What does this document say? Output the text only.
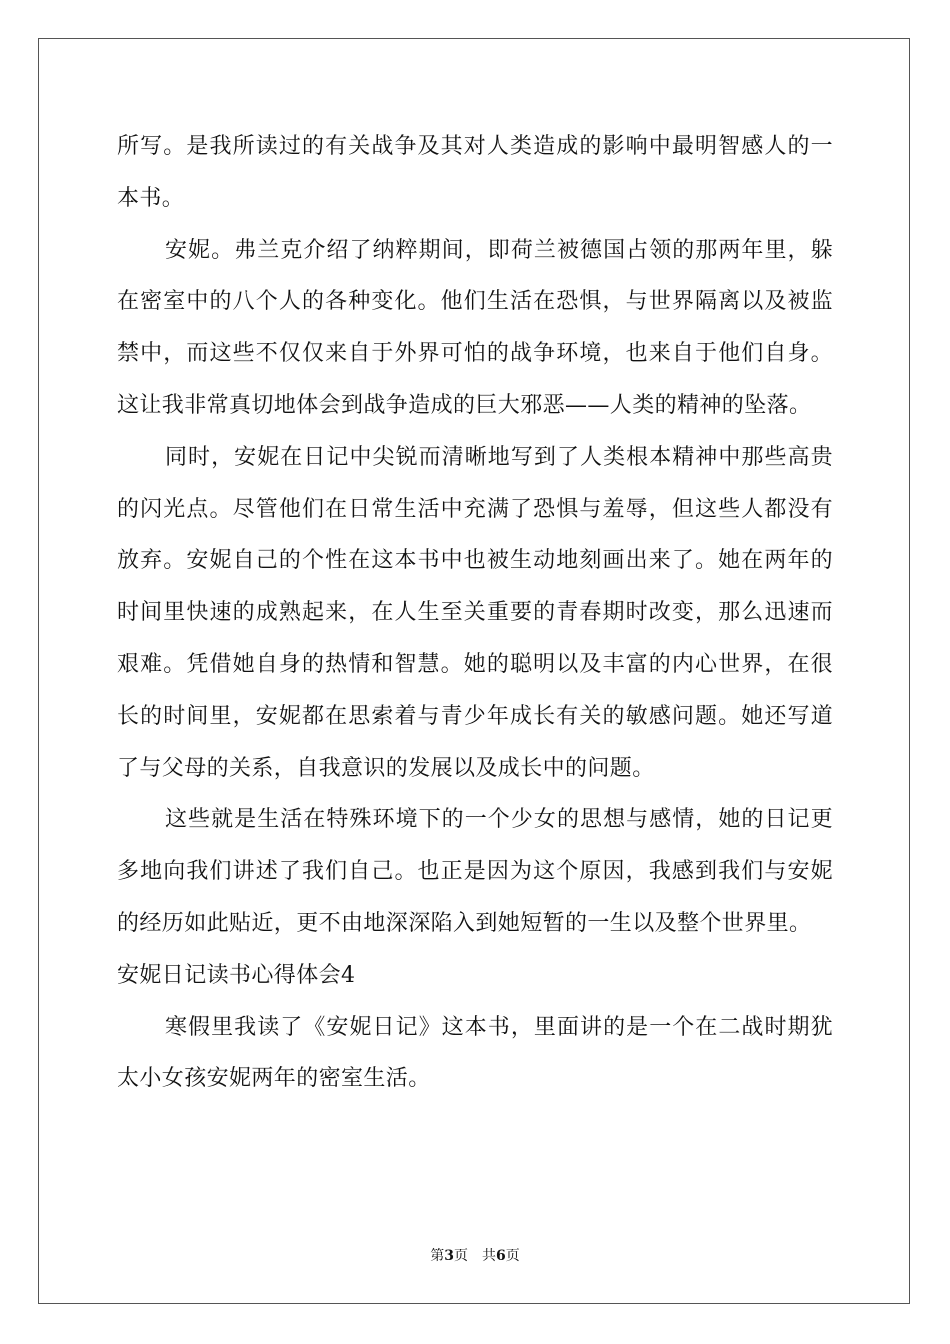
所写。是我所读过的有关战争及其对人类造成的影响中最明智感人的一本书。

安妮。弗兰克介绍了纳粹期间，即荷兰被德国占领的那两年里，躲在密室中的八个人的各种变化。他们生活在恐惧，与世界隔离以及被监禁中，而这些不仅仅来自于外界可怕的战争环境，也来自于他们自身。这让我非常真切地体会到战争造成的巨大邪恶——人类的精神的坠落。

同时，安妮在日记中尖锐而清晰地写到了人类根本精神中那些高贵的闪光点。尽管他们在日常生活中充满了恐惧与羞辱，但这些人都没有放弃。安妮自己的个性在这本书中也被生动地刻画出来了。她在两年的时间里快速的成熟起来，在人生至关重要的青春期时改变，那么迅速而艰难。凭借她自身的热情和智慧。她的聪明以及丰富的内心世界，在很长的时间里，安妮都在思索着与青少年成长有关的敏感问题。她还写道了与父母的关系，自我意识的发展以及成长中的问题。

这些就是生活在特殊环境下的一个少女的思想与感情，她的日记更多地向我们讲述了我们自己。也正是因为这个原因，我感到我们与安妮的经历如此贴近，更不由地深深陷入到她短暂的一生以及整个世界里。

安妮日记读书心得体会4

寒假里我读了《安妮日记》这本书，里面讲的是一个在二战时期犹太小女孩安妮两年的密室生活。

第3页　共6页
